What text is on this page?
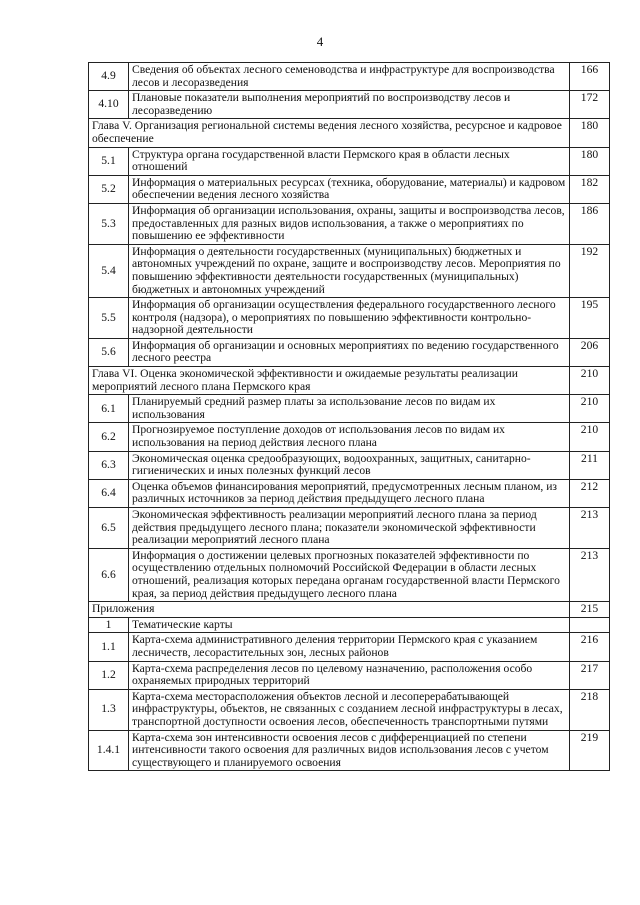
4
4.9	Сведения об объектах лесного семеноводства и инфраструктуре для воспроизводства лесов и лесоразведения	166
4.10	Плановые показатели выполнения мероприятий по воспроизводству лесов и лесоразведению	172
Глава V. Организация региональной системы ведения лесного хозяйства, ресурсное и кадровое обеспечение		180
5.1	Структура органа государственной власти Пермского края в области лесных отношений	180
5.2	Информация о материальных ресурсах (техника, оборудование, материалы) и кадровом обеспечении ведения лесного хозяйства	182
5.3	Информация об организации использования, охраны, защиты и воспроизводства лесов, предоставленных для разных видов использования, а также о мероприятиях по повышению ее эффективности	186
5.4	Информация о деятельности государственных (муниципальных) бюджетных и автономных учреждений по охране, защите и воспроизводству лесов. Мероприятия по повышению эффективности деятельности государственных (муниципальных) бюджетных и автономных учреждений	192
5.5	Информация об организации осуществления федерального государственного лесного контроля (надзора), о мероприятиях по повышению эффективности контрольно-надзорной деятельности	195
5.6	Информация об организации и основных мероприятиях по ведению государственного лесного реестра	206
Глава VI. Оценка экономической эффективности и ожидаемые результаты реализации мероприятий лесного плана Пермского края		210
6.1	Планируемый средний размер платы за использование лесов по видам их использования	210
6.2	Прогнозируемое поступление доходов от использования лесов по видам их использования на период действия лесного плана	210
6.3	Экономическая оценка средообразующих, водоохранных, защитных, санитарно-гигиенических и иных полезных функций лесов	211
6.4	Оценка объемов финансирования мероприятий, предусмотренных лесным планом, из различных источников за период действия предыдущего лесного плана	212
6.5	Экономическая эффективность реализации мероприятий лесного плана за период действия предыдущего лесного плана; показатели экономической эффективности реализации мероприятий лесного плана	213
6.6	Информация о достижении целевых прогнозных показателей эффективности по осуществлению отдельных полномочий Российской Федерации в области лесных отношений, реализация которых передана органам государственной власти Пермского края, за период действия предыдущего лесного плана	213
Приложения		215
1	Тематические карты	
1.1	Карта-схема административного деления территории Пермского края с указанием лесничеств, лесорастительных зон, лесных районов	216
1.2	Карта-схема распределения лесов по целевому назначению, расположения особо охраняемых природных территорий	217
1.3	Карта-схема месторасположения объектов лесной и лесоперерабатывающей инфраструктуры, объектов, не связанных с созданием лесной инфраструктуры в лесах, транспортной доступности освоения лесов, обеспеченность транспортными путями	218
1.4.1	Карта-схема зон интенсивности освоения лесов с дифференциацией по степени интенсивности такого освоения для различных видов использования лесов с учетом существующего и планируемого освоения	219
